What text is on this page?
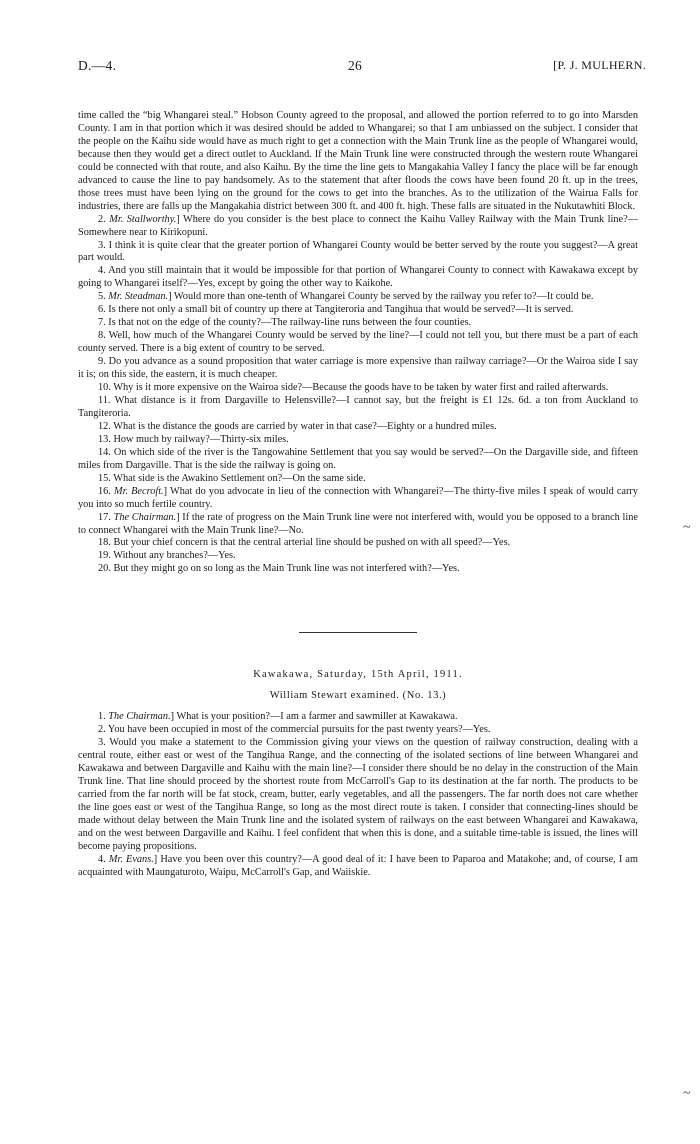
D.—4.	26	[P. J. MULHERN.

time called the “big Whangarei steal.” Hobson County agreed to the proposal, and allowed the portion referred to to go into Marsden County. I am in that portion which it was desired should be added to Whangarei; so that I am unbiassed on the subject. I consider that the people on the Kaihu side would have as much right to get a connection with the Main Trunk line as the people of Whangarei would, because then they would get a direct outlet to Auckland. If the Main Trunk line were constructed through the western route Whangarei could be connected with that route, and also Kaihu. By the time the line gets to Mangakahia Valley I fancy the place will be far enough advanced to cause the line to pay handsomely. As to the statement that after floods the cows have been found 20 ft. up in the trees, those trees must have been lying on the ground for the cows to get into the branches. As to the utilization of the Wairua Falls for industries, there are falls up the Mangakahia district between 300 ft. and 400 ft. high. These falls are situated in the Nukutawhiti Block.

2. Mr. Stallworthy.] Where do you consider is the best place to connect the Kaihu Valley Railway with the Main Trunk line?—Somewhere near to Kirikopuni.

3. I think it is quite clear that the greater portion of Whangarei County would be better served by the route you suggest?—A great part would.

4. And you still maintain that it would be impossible for that portion of Whangarei County to connect with Kawakawa except by going to Whangarei itself?—Yes, except by going the other way to Kaikohe.

5. Mr. Steadman.] Would more than one-tenth of Whangarei County be served by the railway you refer to?—It could be.

6. Is there not only a small bit of country up there at Tangiteroria and Tangihua that would be served?—It is served.

7. Is that not on the edge of the county?—The railway-line runs between the four counties.

8. Well, how much of the Whangarei County would be served by the line?—I could not tell you, but there must be a part of each county served. There is a big extent of country to be served.

9. Do you advance as a sound proposition that water carriage is more expensive than railway carriage?—Or the Wairoa side I say it is; on this side, the eastern, it is much cheaper.

10. Why is it more expensive on the Wairoa side?—Because the goods have to be taken by water first and railed afterwards.

11. What distance is it from Dargaville to Helensville?—I cannot say, but the freight is £1 12s. 6d. a ton from Auckland to Tangiteroria.

12. What is the distance the goods are carried by water in that case?—Eighty or a hundred miles.

13. How much by railway?—Thirty-six miles.

14. On which side of the river is the Tangowahine Settlement that you say would be served?—On the Dargaville side, and fifteen miles from Dargaville. That is the side the railway is going on.

15. What side is the Awakino Settlement on?—On the same side.

16. Mr. Becroft.] What do you advocate in lieu of the connection with Whangarei?—The thirty-five miles I speak of would carry you into so much fertile country.

17. The Chairman.] If the rate of progress on the Main Trunk line were not interfered with, would you be opposed to a branch line to connect Whangarei with the Main Trunk line?—No.

18. But your chief concern is that the central arterial line should be pushed on with all speed?—Yes.

19. Without any branches?—Yes.

20. But they might go on so long as the Main Trunk line was not interfered with?—Yes.

Kawakawa, Saturday, 15th April, 1911.

William Stewart examined. (No. 13.)

1. The Chairman.] What is your position?—I am a farmer and sawmiller at Kawakawa.

2. You have been occupied in most of the commercial pursuits for the past twenty years?—Yes.

3. Would you make a statement to the Commission giving your views on the question of railway construction, dealing with a central route, either east or west of the Tangihua Range, and the connecting of the isolated sections of line between Whangarei and Kawakawa and between Dargaville and Kaihu with the main line?—I consider there should be no delay in the construction of the Main Trunk line. That line should proceed by the shortest route from McCarroll's Gap to its destination at the far north. The products to be carried from the far north will be fat stock, cream, butter, early vegetables, and all the passengers. The far north does not care whether the line goes east or west of the Tangihua Range, so long as the most direct route is taken. I consider that connecting-lines should be made without delay between the Main Trunk line and the isolated system of railways on the east between Whangarei and Kawakawa, and on the west between Dargaville and Kaihu. I feel confident that when this is done, and a suitable time-table is issued, the lines will become paying propositions.

4. Mr. Evans.] Have you been over this country?—A good deal of it: I have been to Paparoa and Matakohe; and, of course, I am acquainted with Maungaturoto, Waipu, McCarroll's Gap, and Waiiskie.

~
~
